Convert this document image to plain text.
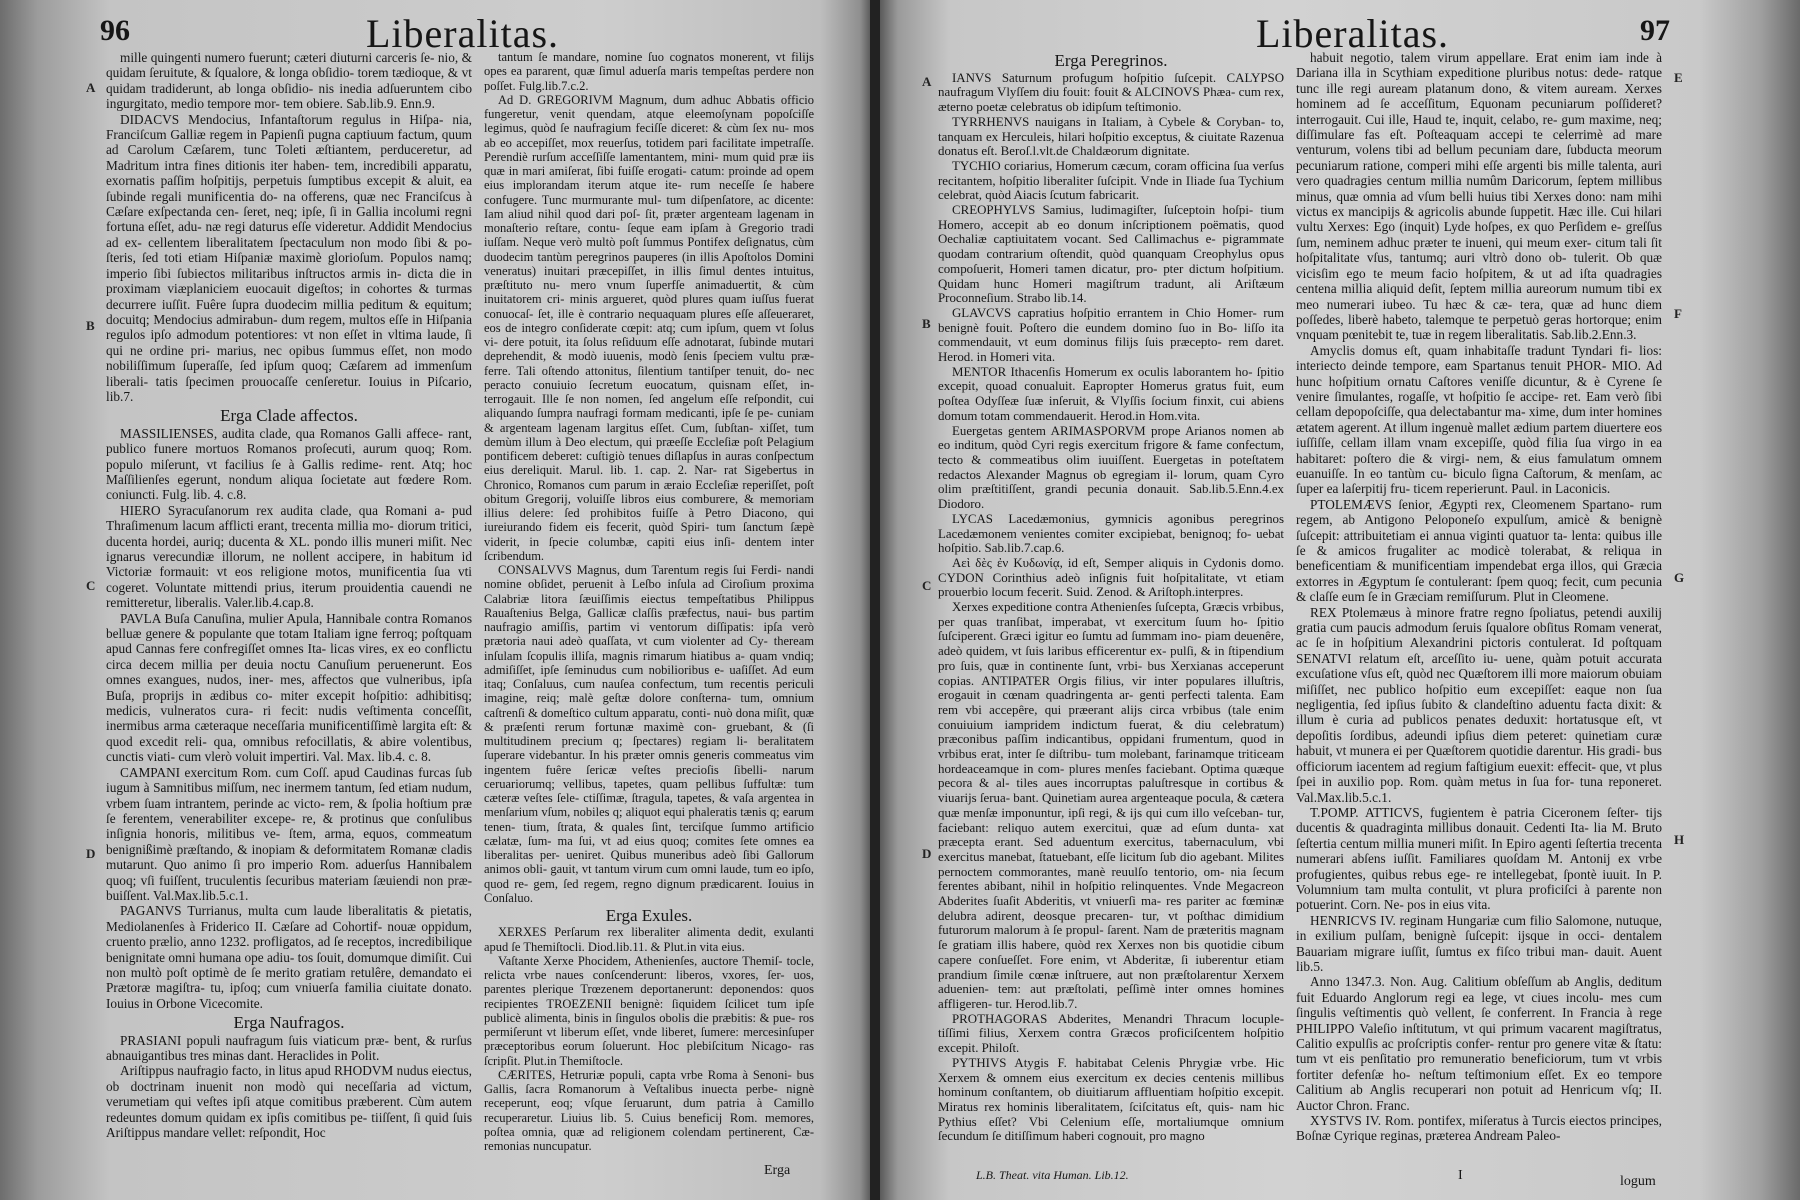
96	Liberalitas.
A
B
C
D

mille quingenti numero fuerunt; cæteri diuturni carceris ſe- nio, & quidam ſeruitute, & ſqualore, & longa obſidio- torem tædioque, & vt quidam tradiderunt, ab longa obſidio- nis inedia adſueruntem cibo ingurgitato, medio tempore mor- tem obiere. Sab.lib.9. Enn.9.

DIDACVS Mendocius, Infantaſtorum regulus in Hiſpa- nia, Franciſcum Galliæ regem in Papienſi pugna captiuum factum, quum ad Carolum Cæſarem, tunc Toleti æſtiantem, perduceretur, ad Madritum intra fines ditionis iter haben- tem, incredibili apparatu, exornatis paſſim hoſpitijs, perpetuis ſumptibus excepit & aluit, ea ſubinde regali munificentia do- na offerens, quæ nec Franciſcus à Cæſare exſpectanda cen- ſeret, neq; ipſe, ſi in Gallia incolumi regni fortuna eſſet, adu- næ regi daturus eſſe videretur. Addidit Mendocius ad ex- cellentem liberalitatem ſpectaculum non modo ſibi & po- ſteris, ſed toti etiam Hiſpaniæ maximè glorioſum. Populos namq; imperio ſibi ſubiectos militaribus inſtructos armis in- dicta die in proximam viæplaniciem euocauit digeſtos; in cohortes & turmas decurrere iuſſit. Fuêre ſupra duodecim millia peditum & equitum; docuitq; Mendocius admirabun- dum regem, multos eſſe in Hiſpania regulos ipſo admodum potentiores: vt non eſſet in vltima laude, ſi qui ne ordine pri- marius, nec opibus ſummus eſſet, non modo nobiliſſimum ſuperaſſe, ſed ipſum quoq; Cæſarem ad immenſum liberali- tatis ſpecimen prouocaſſe cenſeretur. Iouius in Piſcario, lib.7.

Erga Clade affectos.

MASSILIENSES, audita clade, qua Romanos Galli affece- rant, publico funere mortuos Romanos proſecuti, aurum quoq; Rom. populo miſerunt, vt facilius ſe à Gallis redime- rent. Atq; hoc Maſſilienſes egerunt, nondum aliqua ſocietate aut fœdere Rom. coniuncti. Fulg. lib. 4. c.8.

HIERO Syracuſanorum rex audita clade, qua Romani a- pud Thraſimenum lacum afflicti erant, trecenta millia mo- diorum tritici, ducenta hordei, auriq; ducenta & XL. pondo illis muneri miſit. Nec ignarus verecundiæ illorum, ne nollent accipere, in habitum id Victoriæ formauit: vt eos religione motos, munificentia ſua vti cogeret. Voluntate mittendi prius, iterum prouidentia cauendi ne remitteretur, liberalis. Valer.lib.4.cap.8.

PAVLA Buſa Canuſina, mulier Apula, Hannibale contra Romanos belluæ genere & populante que totam Italiam igne ferroq; poſtquam apud Cannas fere confregiſſet omnes Ita- licas vires, ex eo conflictu circa decem millia per deuia noctu Canuſium peruenerunt. Eos omnes exangues, nudos, iner- mes, affectos que vulneribus, ipſa Buſa, proprijs in ædibus co- miter excepit hoſpitio: adhibitisq; medicis, vulneratos cura- ri fecit: nudis veſtimenta conceſſit, inermibus arma cæteraque neceſſaria munificentiſſimè largita eſt: & quod excedit reli- qua, omnibus refocillatis, & abire volentibus, cunctis viati- cum vlerò voluit impertiri. Val. Max. lib.4. c. 8.

CAMPANI exercitum Rom. cum Coſſ. apud Caudinas furcas ſub iugum à Samnitibus miſſum, nec inermem tantum, ſed etiam nudum, vrbem ſuam intrantem, perinde ac victo- rem, & ſpolia hoſtium præ ſe ferentem, venerabiliter excepe- re, & protinus que conſulibus inſignia honoris, militibus ve- ſtem, arma, equos, commeatum benignißimè præſtando, & inopiam & deformitatem Romanæ cladis mutarunt. Quo animo ſi pro imperio Rom. aduerſus Hannibalem quoq; vſi fuiſſent, truculentis ſecuribus materiam ſæuiendi non præ- buiſſent. Val.Max.lib.5.c.1.

PAGANVS Turrianus, multa cum laude liberalitatis & pietatis, Mediolanenſes à Friderico II. Cæſare ad Cohortif- nouæ oppidum, cruento prælio, anno 1232. profligatos, ad ſe receptos, incredibilique benignitate omni humana ope adiu- tos ſouit, domumque dimiſit. Cui non multò poſt optimè de ſe merito gratiam retulêre, demandato ei Prætoræ magiſtra- tu, ipſoq; cum vniuerſa familia ciuitate donato. Iouius in Orbone Vicecomite.

Erga Naufragos.

PRASIANI populi naufragum ſuis viaticum præ- bent, & rurſus abnauigantibus tres minas dant. Heraclides in Polit.

Ariſtippus naufragio facto, in litus apud RHODVM nudus eiectus, ob doctrinam inuenit non modò qui neceſſaria ad victum, verumetiam qui veſtes ipſi atque comitibus præberent. Cùm autem redeuntes domum quidam ex ipſis comitibus pe- tiiſſent, ſi quid ſuis Ariſtippus mandare vellet: reſpondit, Hoc

tantum ſe mandare, nomine ſuo cognatos monerent, vt filijs opes ea pararent, quæ ſimul aduerſa maris tempeſtas perdere non poſſet. Fulg.lib.7.c.2.

Ad D. GREGORIVM Magnum, dum adhuc Abbatis officio fungeretur, venit quendam, atque eleemoſynam popoſciſſe legimus, quòd ſe naufragium feciſſe diceret: & cùm ſex nu- mos ab eo accepiſſet, mox reuerſus, totidem pari facilitate impetraſſe. Perendiè rurſum acceſſiſſe lamentantem, mini- mum quid præ iis quæ in mari amiſerat, ſibi fuiſſe erogati- catum: proinde ad opem eius implorandam iterum atque ite- rum neceſſe ſe habere confugere. Tunc murmurante mul- tum diſpenſatore, ac dicente: Iam aliud nihil quod dari poſ- ſit, præter argenteam lagenam in monaſterio reſtare, contu- ſeque eam ipſam à Gregorio tradi iuſſam. Neque verò multò poſt ſummus Pontifex deſignatus, cùm duodecim tantùm peregrinos pauperes (in illis Apoſtolos Domini veneratus) inuitari præcepiſſet, in illis ſimul dentes intuitus, præſtituto nu- mero vnum ſuperfſe animaduertit, & cùm inuitatorem cri- minis argueret, quòd plures quam iuſſus fuerat conuocaſ- ſet, ille è contrario nequaquam plures eſſe aſſeueraret, eos de integro conſiderate cœpit: atq; cum ipſum, quem vt ſolus vi- dere potuit, ita ſolus reſiduum eſſe adnotarat, ſubinde mutari deprehendit, & modò iuuenis, modò ſenis ſpeciem vultu præ- ferre. Tali oſtendo attonitus, ſilentium tantiſper tenuit, do- nec peracto conuiuio ſecretum euocatum, quisnam eſſet, in- terrogauit. Ille ſe non nomen, ſed angelum eſſe reſpondit, cui aliquando ſumpra naufragi formam medicanti, ipſe ſe pe- cuniam & argenteam lagenam largitus eſſet. Cum, ſubſtan- xiſſet, tum demùm illum à Deo electum, qui præeſſe Eccleſiæ poſt Pelagium pontificem deberet: cuſtigiò tenues diſlapſus in auras conſpectum eius dereliquit. Marul. lib. 1. cap. 2. Nar- rat Sigebertus in Chronico, Romanos cum parum in æraio Eccleſiæ reperiſſet, poſt obitum Gregorij, voluiſſe libros eius comburere, & memoriam illius delere: ſed prohibitos fuiſſe à Petro Diacono, qui iureiurando fidem eis fecerit, quòd Spiri- tum ſanctum ſæpè viderit, in ſpecie columbæ, capiti eius inſi- dentem inter ſcribendum.

CONSALVVS Magnus, dum Tarentum regis ſui Ferdi- nandi nomine obſidet, peruenit à Leſbo inſula ad Ciroſium proxima Calabriæ litora ſæuiſſimis eiectus tempeſtatibus Philippus Rauaſtenius Belga, Gallicæ claſſis præfectus, naui- bus partim naufragio amiſſis, partim vi ventorum diſſipatis: ipſa verò prætoria naui adeò quaſſata, vt cum violenter ad Cy- theream inſulam ſcopulis illiſa, magnis rimarum hiatibus a- quam vndiq; admiſiſſet, ipſe ſeminudus cum nobilioribus e- uaſiſſet. Ad eum itaq; Conſaluus, cum nauſea confectum, tum recentis periculi imagine, reiq; malè geſtæ dolore conſterna- tum, omnium caſtrenſi & domeſtico cultum apparatu, conti- nuò dona miſit, quæ & præſenti rerum fortunæ maximè con- gruebant, & (ſi multitudinem precium q; ſpectares) regiam li- beralitatem ſuperare videbantur. In his præter omnis generis commeatus vim ingentem fuêre ſericæ veſtes precioſis ſibelli- narum ceruariorumq; vellibus, tapetes, quam pellibus ſuffultæ: tum cæteræ veſtes ſele- ctiſſimæ, ſtragula, tapetes, & vaſa argentea in menſarium vſum, nobiles q; aliquot equi phaleratis tænis q; earum tenen- tium, ſtrata, & quales ſint, terciſque ſummo artificio cælatæ, ſum- ma ſui, vt ad eius quoq; comites ſete omnes ea liberalitas per- ueniret. Quibus muneribus adeò ſibi Gallorum animos obli- gauit, vt tantum virum cum omni laude, tum eo ipſo, quod re- gem, ſed regem, regno dignum prædicarent. Iouius in Conſaluo.

Erga Exules.

XERXES Perſarum rex liberaliter alimenta dedit, exulanti apud ſe Themiſtocli. Diod.lib.11. & Plut.in vita eius.

Vaſtante Xerxe Phocidem, Athenienſes, auctore Themiſ- tocle, relicta vrbe naues conſcenderunt: liberos, vxores, ſer- uos, parentes plerique Trœzenem deportanerunt: deponendos: quos recipientes TROEZENII benignè: ſiquidem ſcilicet tum ipſe publicè alimenta, binis in ſingulos obolis die præbitis: & pue- ros permiſerunt vt liberum eſſet, vnde liberet, ſumere: mercesinſuper præceptoribus eorum ſoluerunt. Hoc plebiſcitum Nicago- ras ſcripſit. Plut.in Themiſtocle.

CÆRITES, Hetruriæ populi, capta vrbe Roma à Senoni- bus Gallis, ſacra Romanorum à Veſtalibus inuecta perbe- nignè receperunt, eoq; vſque ſeruarunt, dum patria à Camillo recuperaretur. Liuius lib. 5. Cuius beneficij Rom. memores, poſtea omnia, quæ ad religionem colendam pertinerent, Cæ- remonias nuncupatur.

Erga
Liberalitas.	97
A
B
C
D
E
F
G
H

Erga Peregrinos.

IANVS Saturnum profugum hoſpitio ſuſcepit. CALYPSO naufragum Vlyſſem diu fouit: fouit & ALCINOVS Phæa- cum rex, æterno poetæ celebratus ob idipſum teſtimonio.

TYRRHENVS nauigans in Italiam, à Cybele & Coryban- to, tanquam ex Herculeis, hilari hoſpitio exceptus, & ciuitate Razenua donatus eſt. Beroſ.l.vlt.de Chaldæorum dignitate.

TYCHIO coriarius, Homerum cæcum, coram officina ſua verſus recitantem, hoſpitio liberaliter ſuſcipit. Vnde in Iliade ſua Tychium celebrat, quòd Aiacis ſcutum fabricarit.

CREOPHYLVS Samius, ludimagiſter, ſuſceptoin hoſpi- tium Homero, accepit ab eo donum inſcriptionem poëmatis, quod Oechaliæ captiuitatem vocant. Sed Callimachus e- pigrammate quodam contrarium oſtendit, quòd quanquam Creophylus opus compoſuerit, Homeri tamen dicatur, pro- pter dictum hoſpitium. Quidam hunc Homeri magiſtrum tradunt, ali Ariſtæum Proconneſium. Strabo lib.14.

GLAVCVS capratius hoſpitio errantem in Chio Homer- rum benignè fouit. Poſtero die eundem domino ſuo in Bo- liſſo ita commendauit, vt eum dominus filijs ſuis præcepto- rem daret. Herod. in Homeri vita.

MENTOR Ithacenſis Homerum ex oculis laborantem ho- ſpitio excepit, quoad conualuit. Eapropter Homerus gratus fuit, eum poſtea Odyſſeæ ſuæ inſeruit, & Vlyſſis ſocium finxit, cui abiens domum totam commendauerit. Herod.in Hom.vita.

Euergetas gentem ARIMASPORVM prope Arianos nomen ab eo inditum, quòd Cyri regis exercitum frigore & fame confectum, tecto & commeatibus olim iuuiſſent. Euergetas in poteſtatem redactos Alexander Magnus ob egregiam il- lorum, quam Cyro olim præſtitiſſent, grandi pecunia donauit. Sab.lib.5.Enn.4.ex Diodoro.

LYCAS Lacedæmonius, gymnicis agonibus peregrinos Lacedæmonem venientes comiter excipiebat, benignoq; fo- uebat hoſpitio. Sab.lib.7.cap.6.

Αεὶ δὲς ἐν Κυδωνίᾳ, id eſt, Semper aliquis in Cydonis domo. CYDON Corinthius adeò inſignis fuit hoſpitalitate, vt etiam prouerbio locum fecerit. Suid. Zenod. & Ariſtoph.interpres.

Xerxes expeditione contra Athenienſes ſuſcepta, Græcis vrbibus, per quas tranſibat, imperabat, vt exercitum ſuum ho- ſpitio ſuſciperent. Græci igitur eo ſumtu ad ſummam ino- piam deuenêre, adeò quidem, vt ſuis laribus efficerentur ex- pulſi, & in ſtipendium pro ſuis, quæ in continente ſunt, vrbi- bus Xerxianas acceperunt copias. ANTIPATER Orgis filius, vir inter populares illuſtris, erogauit in cœnam quadringenta ar- genti perfecti talenta. Eam rem vbi accepêre, qui præerant alijs circa vrbibus (tale enim conuiuium iampridem indictum fuerat, & diu celebratum) præconibus paſſim indicantibus, oppidani frumentum, quod in vrbibus erat, inter ſe diſtribu- tum molebant, farinamque triticeam hordeaceamque in com- plures menſes faciebant. Optima quæque pecora & al- tiles aues incorruptas paluſtresque in cortibus & viuarijs ſerua- bant. Quinetiam aurea argenteaque pocula, & cætera quæ menſæ imponuntur, ipſi regi, & ijs qui cum illo veſceban- tur, faciebant: reliquo autem exercitui, quæ ad eſum dunta- xat præcepta erant. Sed aduentum exercitus, tabernaculum, vbi exercitus manebat, ſtatuebant, eſſe licitum ſub dio agebant. Milites pernoctem commorantes, manè reuulſo tentorio, om- nia ſecum ferentes abibant, nihil in hoſpitio relinquentes. Vnde Megacreon Abderites ſuaſit Abderitis, vt vniuerſi ma- res pariter ac fœminæ delubra adirent, deosque precaren- tur, vt poſthac dimidium futurorum malorum à ſe propul- ſarent. Nam de præteritis magnam ſe gratiam illis habere, quòd rex Xerxes non bis quotidie cibum capere conſueſſet. Fore enim, vt Abderitæ, ſi iuberentur etiam prandium ſimile cœnæ inſtruere, aut non præſtolarentur Xerxem aduenien- tem: aut præſtolati, peſſimè inter omnes homines affligeren- tur. Herod.lib.7.

PROTHAGORAS Abderites, Menandri Thracum locuple- tiſſimi filius, Xerxem contra Græcos proficiſcentem hoſpitio excepit. Philoſt.

PYTHIVS Atygis F. habitabat Celenis Phrygiæ vrbe. Hic Xerxem & omnem eius exercitum ex decies centenis millibus hominum conſtantem, ob diuitiarum affluentiam hoſpitio excepit. Miratus rex hominis liberalitatem, ſciſcitatus eſt, quis- nam hic Pythius eſſet? Vbi Celenium eſſe, mortaliumque omnium ſecundum ſe ditiſſimum haberi cognouit, pro magno

habuit negotio, talem virum appellare. Erat enim iam inde à Dariana illa in Scythiam expeditione pluribus notus: dede- ratque tunc ille regi auream platanum dono, & vitem auream. Xerxes hominem ad ſe acceſſitum, Equonam pecuniarum poſſideret? interrogauit. Cui ille, Haud te, inquit, celabo, re- gum maxime, neq; diſſimulare fas eſt. Poſteaquam accepi te celerrimè ad mare venturum, volens tibi ad bellum pecuniam dare, ſubducta meorum pecuniarum ratione, comperi mihi eſſe argenti bis mille talenta, auri vero quadragies centum millia numûm Daricorum, ſeptem millibus minus, quæ omnia ad vſum belli huius tibi Xerxes dono: nam mihi victus ex mancipijs & agricolis abunde ſuppetit. Hæc ille. Cui hilari vultu Xerxes: Ego (inquit) Lyde hoſpes, ex quo Perſidem e- greſſus ſum, neminem adhuc præter te inueni, qui meum exer- citum tali ſit hoſpitalitate vſus, tantumq; auri vltrò dono ob- tulerit. Ob quæ vicisſim ego te meum facio hoſpitem, & ut ad iſta quadragies centena millia aliquid deſit, ſeptem millia aureorum numum tibi ex meo numerari iubeo. Tu hæc & cæ- tera, quæ ad hunc diem poſſedes, liberè habeto, talemque te perpetuò geras hortorque; enim vnquam pœnitebit te, tuæ in regem liberalitatis. Sab.lib.2.Enn.3.

Amyclis domus eſt, quam inhabitaſſe tradunt Tyndari fi- lios: interiecto deinde tempore, eam Spartanus tenuit PHOR- MIO. Ad hunc hoſpitium ornatu Caſtores veniſſe dicuntur, & è Cyrene ſe venire ſimulantes, rogaſſe, vt hoſpitio ſe accipe- ret. Eam verò ſibi cellam depopoſciſſe, qua delectabantur ma- xime, dum inter homines ætatem agerent. At illum ingenuè mallet ædium partem diuertere eos iuſſiſſe, cellam illam vnam excepiſſe, quòd filia ſua virgo in ea habitaret: poſtero die & virgi- nem, & eius famulatum omnem euanuiſſe. In eo tantùm cu- biculo ſigna Caſtorum, & menſam, ac ſuper ea laſerpitij fru- ticem reperierunt. Paul. in Laconicis.

PTOLEMÆVS ſenior, Ægypti rex, Cleomenem Spartano- rum regem, ab Antigono Peloponeſo expulſum, amicè & benignè ſuſcepit: attribuitetiam ei annua viginti quatuor ta- lenta: quibus ille ſe & amicos frugaliter ac modicè tolerabat, & reliqua in beneficentiam & munificentiam impendebat erga illos, qui Græcia extorres in Ægyptum ſe contulerant: ſpem quoq; fecit, cum pecunia & claſſe eum ſe in Græciam remiſſurum. Plut in Cleomene.

REX Ptolemæus à minore fratre regno ſpoliatus, petendi auxilij gratia cum paucis admodum ſeruis ſqualore obſitus Romam venerat, ac ſe in hoſpitium Alexandrini pictoris contulerat. Id poſtquam SENATVI relatum eſt, arceſſito iu- uene, quàm potuit accurata excuſatione vſus eſt, quòd nec Quæſtorem illi more maiorum obuiam miſiſſet, nec publico hoſpitio eum excepiſſet: eaque non ſua negligentia, ſed ipſius ſubito & clandeſtino aduentu facta dixit: & illum è curia ad publicos penates deduxit: hortatusque eſt, vt depoſitis ſordibus, adeundi ipſius diem peteret: quinetiam curæ habuit, vt munera ei per Quæſtorem quotidie darentur. His gradi- bus officiorum iacentem ad regium faſtigium euexit: effecit- que, vt plus ſpei in auxilio pop. Rom. quàm metus in ſua for- tuna reponeret. Val.Max.lib.5.c.1.

T.POMP. ATTICVS, fugientem è patria Ciceronem ſeſter- tijs ducentis & quadraginta millibus donauit. Cedenti Ita- lia M. Bruto ſeſtertia centum millia muneri miſit. In Epiro agenti ſeſtertia trecenta numerari abſens iuſſit. Familiares quoſdam M. Antonij ex vrbe profugientes, quibus rebus ege- re intellegebat, ſpontè iuuit. In P. Volumnium tam multa contulit, vt plura proficiſci à parente non potuerint. Corn. Ne- pos in eius vita.

HENRICVS IV. reginam Hungariæ cum filio Salomone, nutuque, in exilium pulſam, benignè ſuſcepit: ijsque in occi- dentalem Bauariam migrare iuſſit, ſumtus ex fiſco tribui man- dauit. Auent lib.5.

Anno 1347.3. Non. Aug. Calitium obſeſſum ab Anglis, deditum fuit Eduardo Anglorum regi ea lege, vt ciues incolu- mes cum ſingulis veſtimentis quò vellent, ſe conferrent. In Francia à rege PHILIPPO Valeſio inſtitutum, vt qui primum vacarent magiſtratus, Calitio expulſis ac proſcriptis confer- rentur pro genere vitæ & ſtatu: tum vt eis penſitatio pro remuneratio beneficiorum, tum vt vrbis fortiter defenſæ ho- neſtum teſtimonium eſſet. Ex eo tempore Calitium ab Anglis recuperari non potuit ad Henricum vſq; II. Auctor Chron. Franc.

XYSTVS IV. Rom. pontifex, miſeratus à Turcis eiectos principes, Boſnæ Cyrique reginas, præterea Andream Paleo-

L.B. Theat. vita Human. Lib.12.	I	logum
